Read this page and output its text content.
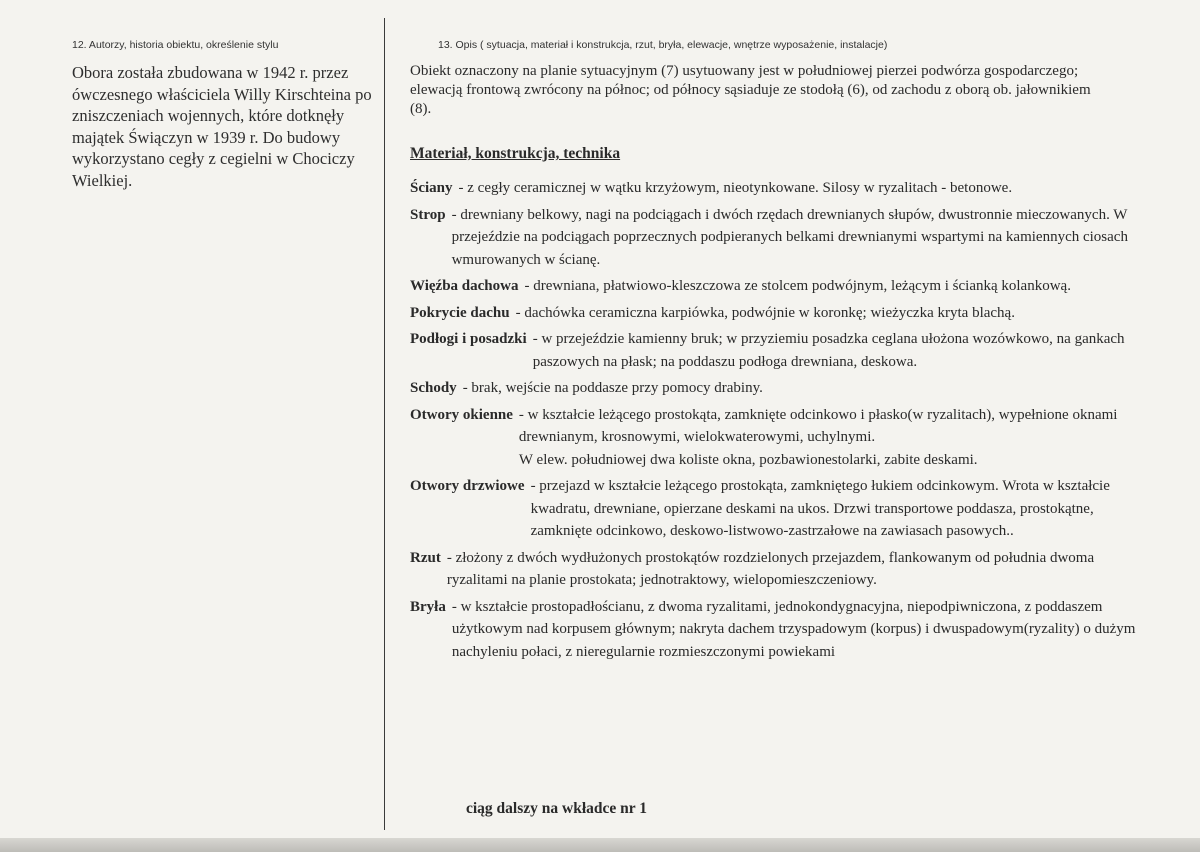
12. Autorzy, historia obiektu, określenie stylu

Obora została zbudowana w 1942 r. przez ówczesnego właściciela Willy Kirschteina po zniszczeniach wojennych, które dotknęły majątek Świączyn w 1939 r. Do budowy wykorzystano cegły z cegielni w Chociczy Wielkiej.

13. Opis ( sytuacja, materiał i konstrukcja, rzut, bryła, elewacje, wnętrze wyposażenie, instalacje)

Obiekt oznaczony na planie sytuacyjnym (7) usytuowany jest w południowej pierzei podwórza gospodarczego; elewacją frontową zwrócony na północ; od północy sąsiaduje ze stodołą (6), od zachodu z oborą ob. jałownikiem (8).

Materiał, konstrukcja, technika

Ściany - z cegły ceramicznej w wątku krzyżowym, nieotynkowane. Silosy w ryzalitach - betonowe.
Strop - drewniany belkowy, nagi na podciągach i dwóch rzędach drewnianych słupów, dwustronnie mieczowanych. W przejeździe na podciągach poprzecznych podpieranych belkami drewnianymi wspartymi na kamiennych ciosach wmurowanych w ścianę.
Więźba dachowa - drewniana, płatwiowo-kleszczowa ze stolcem podwójnym, leżącym i ścianką kolankową.
Pokrycie dachu - dachówka ceramiczna karpiówka, podwójnie w koronkę; wieżyczka kryta blachą.
Podłogi i posadzki - w przejeździe kamienny bruk; w przyziemiu posadzka ceglana ułożona wozówkowo, na gankach paszowych na płask; na poddaszu podłoga drewniana, deskowa.
Schody - brak, wejście na poddasze przy pomocy drabiny.
Otwory okienne - w kształcie leżącego prostokąta, zamknięte odcinkowo i płasko(w ryzalitach), wypełnione oknami drewnianym, krosnowymi, wielokwaterowymi, uchylnymi.
W elew. południowej dwa koliste okna, pozbawionestolarki, zabite deskami.
Otwory drzwiowe - przejazd w kształcie leżącego prostokąta, zamkniętego łukiem odcinkowym. Wrota w kształcie kwadratu, drewniane, opierzane deskami na ukos. Drzwi transportowe poddasza, prostokątne, zamknięte odcinkowo, deskowo-listwowo-zastrzałowe na zawiasach pasowych..
Rzut - złożony z dwóch wydłużonych prostokątów rozdzielonych przejazdem, flankowanym od południa dwoma ryzalitami na planie prostokata; jednotraktowy, wielopomieszczeniowy.
Bryła - w kształcie prostopadłościanu, z dwoma ryzalitami, jednokondygnacyjna, niepodpiwniczona, z poddaszem użytkowym nad korpusem głównym; nakryta dachem trzyspadowym (korpus) i dwuspadowym(ryzality) o dużym nachyleniu połaci, z nieregularnie rozmieszczonymi powiekami
ciąg dalszy na wkładce nr 1
